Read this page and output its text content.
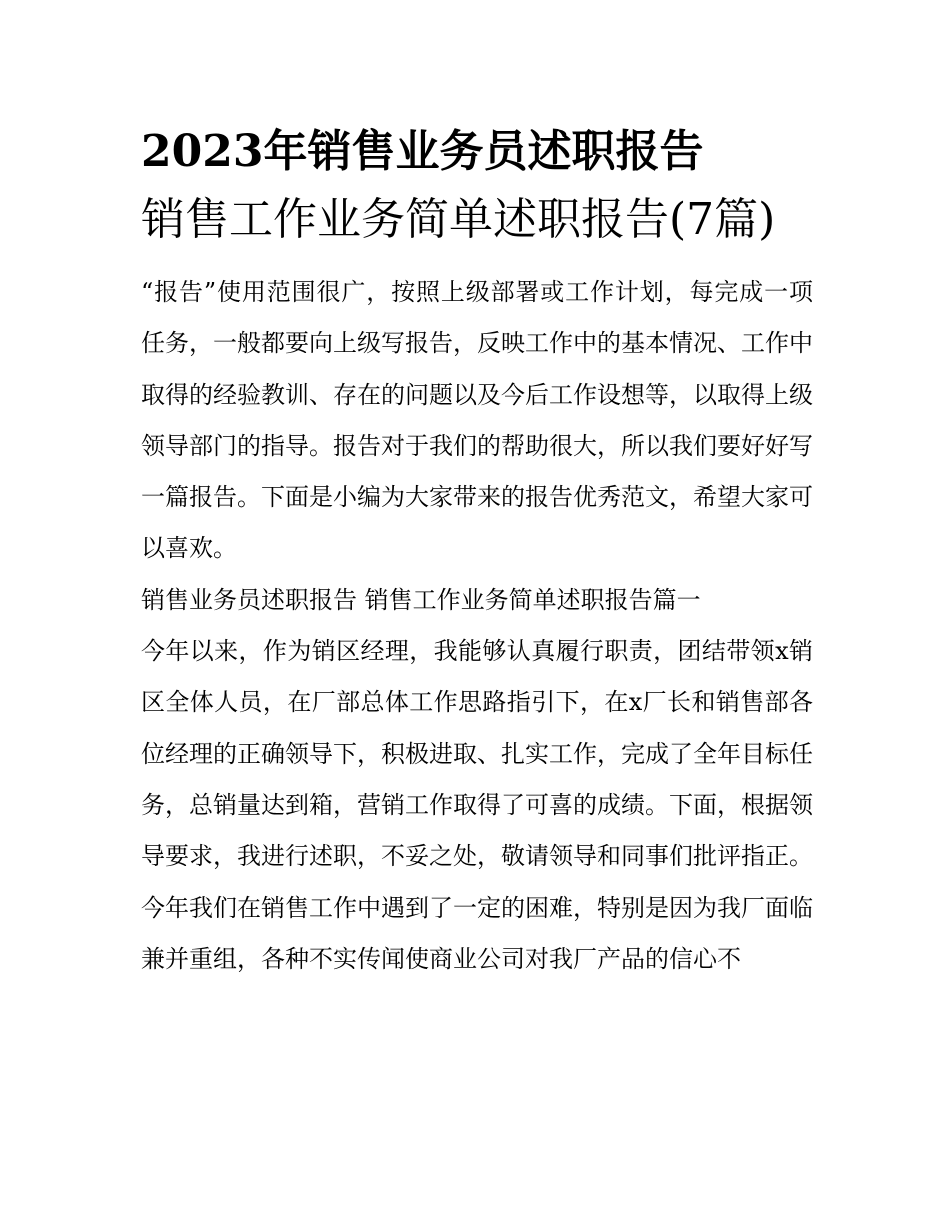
2023年销售业务员述职报告
销售工作业务简单述职报告(7篇)

“报告”使用范围很广，按照上级部署或工作计划，每完成一项任务，一般都要向上级写报告，反映工作中的基本情况、工作中取得的经验教训、存在的问题以及今后工作设想等，以取得上级领导部门的指导。报告对于我们的帮助很大，所以我们要好好写一篇报告。下面是小编为大家带来的报告优秀范文，希望大家可以喜欢。

销售业务员述职报告 销售工作业务简单述职报告篇一

今年以来，作为销区经理，我能够认真履行职责，团结带领x销区全体人员，在厂部总体工作思路指引下，在x厂长和销售部各位经理的正确领导下，积极进取、扎实工作，完成了全年目标任务，总销量达到箱，营销工作取得了可喜的成绩。下面，根据领导要求，我进行述职，不妥之处，敬请领导和同事们批评指正。

今年我们在销售工作中遇到了一定的困难，特别是因为我厂面临兼并重组，各种不实传闻使商业公司对我厂产品的信心不
